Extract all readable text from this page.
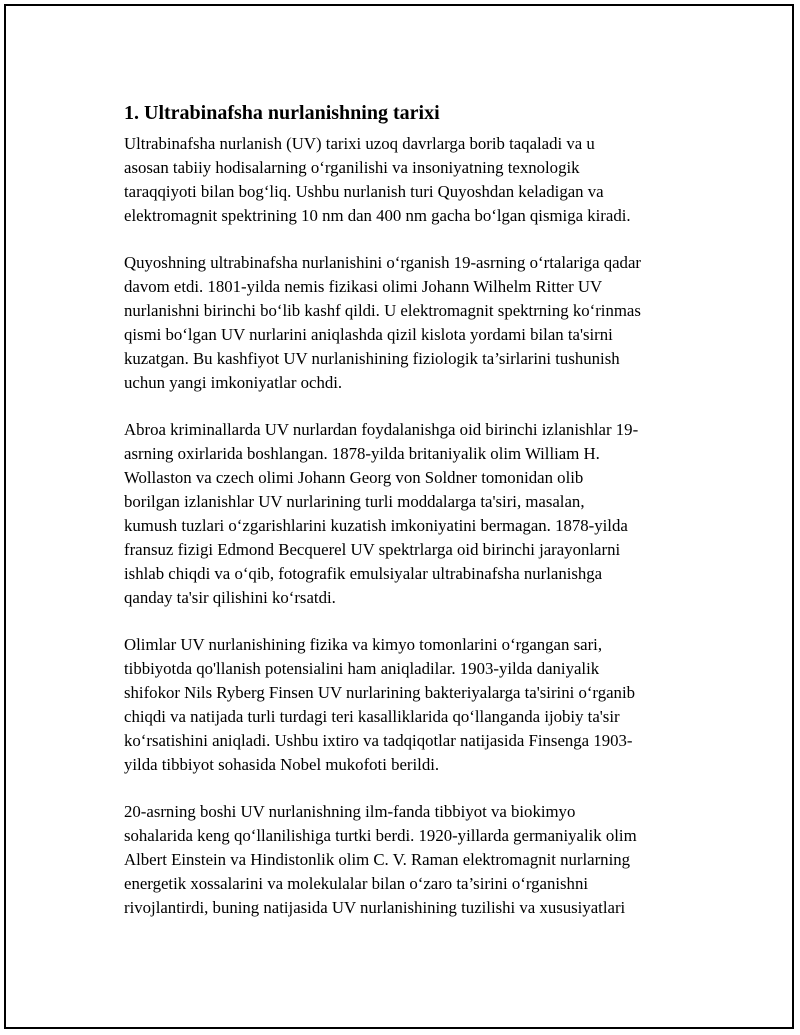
1. Ultrabinafsha nurlanishning tarixi

Ultrabinafsha nurlanish (UV) tarixi uzoq davrlarga borib taqaladi va u
asosan tabiiy hodisalarning oʻrganilishi va insoniyatning texnologik
taraqqiyoti bilan bogʻliq. Ushbu nurlanish turi Quyoshdan keladigan va
elektromagnit spektrining 10 nm dan 400 nm gacha boʻlgan qismiga kiradi.

Quyoshning ultrabinafsha nurlanishini oʻrganish 19-asrning oʻrtalariga qadar
davom etdi. 1801-yilda nemis fizikasi olimi Johann Wilhelm Ritter UV
nurlanishni birinchi boʻlib kashf qildi. U elektromagnit spektrning koʻrinmas
qismi boʻlgan UV nurlarini aniqlashda qizil kislota yordami bilan ta'sirni
kuzatgan. Bu kashfiyot UV nurlanishining fiziologik ta’sirlarini tushunish
uchun yangi imkoniyatlar ochdi.

Abroa kriminallarda UV nurlardan foydalanishga oid birinchi izlanishlar 19-
asrning oxirlarida boshlangan. 1878-yilda britaniyalik olim William H.
Wollaston va czech olimi Johann Georg von Soldner tomonidan olib
borilgan izlanishlar UV nurlarining turli moddalarga ta'siri, masalan,
kumush tuzlari oʻzgarishlarini kuzatish imkoniyatini bermagan. 1878-yilda
fransuz fizigi Edmond Becquerel UV spektrlarga oid birinchi jarayonlarni
ishlab chiqdi va oʻqib, fotografik emulsiyalar ultrabinafsha nurlanishga
qanday ta'sir qilishini koʻrsatdi.

Olimlar UV nurlanishining fizika va kimyo tomonlarini oʻrgangan sari,
tibbiyotda qo'llanish potensialini ham aniqladilar. 1903-yilda daniyalik
shifokor Nils Ryberg Finsen UV nurlarining bakteriyalarga ta'sirini oʻrganib
chiqdi va natijada turli turdagi teri kasalliklarida qoʻllanganda ijobiy ta'sir
koʻrsatishini aniqladi. Ushbu ixtiro va tadqiqotlar natijasida Finsenga 1903-
yilda tibbiyot sohasida Nobel mukofoti berildi.

20-asrning boshi UV nurlanishning ilm-fanda tibbiyot va biokimyo
sohalarida keng qoʻllanilishiga turtki berdi. 1920-yillarda germaniyalik olim
Albert Einstein va Hindistonlik olim C. V. Raman elektromagnit nurlarning
energetik xossalarini va molekulalar bilan oʻzaro ta’sirini oʻrganishni
rivojlantirdi, buning natijasida UV nurlanishining tuzilishi va xususiyatlari
